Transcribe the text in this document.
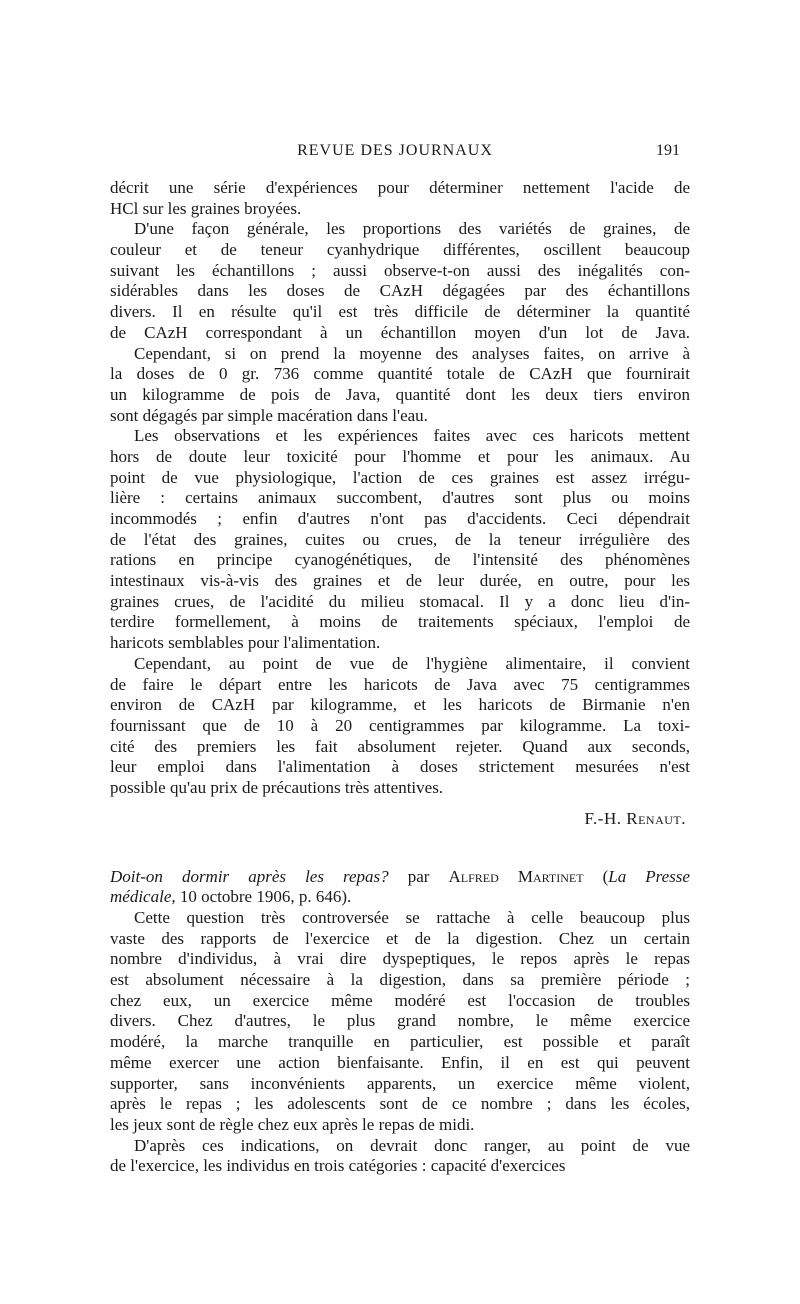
REVUE DES JOURNAUX	191
décrit une série d'expériences pour déterminer nettement l'acide de
HCl sur les graines broyées.
D'une façon générale, les proportions des variétés de graines, de
couleur et de teneur cyanhydrique différentes, oscillent beaucoup
suivant les échantillons ; aussi observe-t-on aussi des inégalités con-
sidérables dans les doses de CAzH dégagées par des échantillons
divers. Il en résulte qu'il est très difficile de déterminer la quantité
de CAzH correspondant à un échantillon moyen d'un lot de Java.
Cependant, si on prend la moyenne des analyses faites, on arrive à
la doses de 0 gr. 736 comme quantité totale de CAzH que fournirait
un kilogramme de pois de Java, quantité dont les deux tiers environ
sont dégagés par simple macération dans l'eau.
Les observations et les expériences faites avec ces haricots mettent
hors de doute leur toxicité pour l'homme et pour les animaux. Au
point de vue physiologique, l'action de ces graines est assez irrégu-
lière : certains animaux succombent, d'autres sont plus ou moins
incommodés ; enfin d'autres n'ont pas d'accidents. Ceci dépendrait
de l'état des graines, cuites ou crues, de la teneur irrégulière des
rations en principe cyanogénétiques, de l'intensité des phénomènes
intestinaux vis-à-vis des graines et de leur durée, en outre, pour les
graines crues, de l'acidité du milieu stomacal. Il y a donc lieu d'in-
terdire formellement, à moins de traitements spéciaux, l'emploi de
haricots semblables pour l'alimentation.
Cependant, au point de vue de l'hygiène alimentaire, il convient
de faire le départ entre les haricots de Java avec 75 centigrammes
environ de CAzH par kilogramme, et les haricots de Birmanie n'en
fournissant que de 10 à 20 centigrammes par kilogramme. La toxi-
cité des premiers les fait absolument rejeter. Quand aux seconds,
leur emploi dans l'alimentation à doses strictement mesurées n'est
possible qu'au prix de précautions très attentives.
F.-H. Renaut.
Doit-on dormir après les repas? par Alfred Martinet (La Presse
médicale, 10 octobre 1906, p. 646).
Cette question très controversée se rattache à celle beaucoup plus
vaste des rapports de l'exercice et de la digestion. Chez un certain
nombre d'individus, à vrai dire dyspeptiques, le repos après le repas
est absolument nécessaire à la digestion, dans sa première période ;
chez eux, un exercice même modéré est l'occasion de troubles
divers. Chez d'autres, le plus grand nombre, le même exercice
modéré, la marche tranquille en particulier, est possible et paraît
même exercer une action bienfaisante. Enfin, il en est qui peuvent
supporter, sans inconvénients apparents, un exercice même violent,
après le repas ; les adolescents sont de ce nombre ; dans les écoles,
les jeux sont de règle chez eux après le repas de midi.
D'après ces indications, on devrait donc ranger, au point de vue
de l'exercice, les individus en trois catégories : capacité d'exercices
